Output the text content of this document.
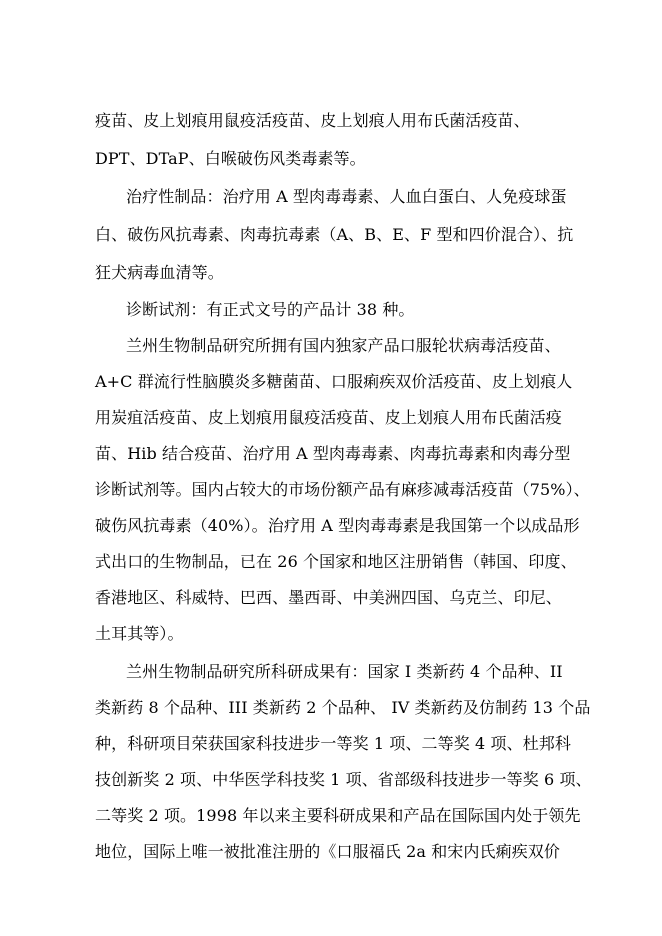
疫苗、皮上划痕用鼠疫活疫苗、皮上划痕人用布氏菌活疫苗、
DPT、DTaP、白喉破伤风类毒素等。
治疗性制品：治疗用 A 型肉毒毒素、人血白蛋白、人免疫球蛋
白、破伤风抗毒素、肉毒抗毒素（A、B、E、F 型和四价混合）、抗
狂犬病毒血清等。
诊断试剂：有正式文号的产品计 38 种。
兰州生物制品研究所拥有国内独家产品口服轮状病毒活疫苗、
A+C 群流行性脑膜炎多糖菌苗、口服痢疾双价活疫苗、皮上划痕人
用炭疽活疫苗、皮上划痕用鼠疫活疫苗、皮上划痕人用布氏菌活疫
苗、Hib 结合疫苗、治疗用 A 型肉毒毒素、肉毒抗毒素和肉毒分型
诊断试剂等。国内占较大的市场份额产品有麻疹减毒活疫苗（75%）、
破伤风抗毒素（40%）。治疗用 A 型肉毒毒素是我国第一个以成品形
式出口的生物制品，已在 26 个国家和地区注册销售（韩国、印度、
香港地区、科威特、巴西、墨西哥、中美洲四国、乌克兰、印尼、
土耳其等）。
兰州生物制品研究所科研成果有：国家 I 类新药 4 个品种、II
类新药 8 个品种、III 类新药 2 个品种、 IV 类新药及仿制药 13 个品
种，科研项目荣获国家科技进步一等奖 1 项、二等奖 4 项、杜邦科
技创新奖 2 项、中华医学科技奖 1 项、省部级科技进步一等奖 6 项、
二等奖 2 项。1998 年以来主要科研成果和产品在国际国内处于领先
地位，国际上唯一被批准注册的《口服福氏 2a 和宋内氏痢疾双价
